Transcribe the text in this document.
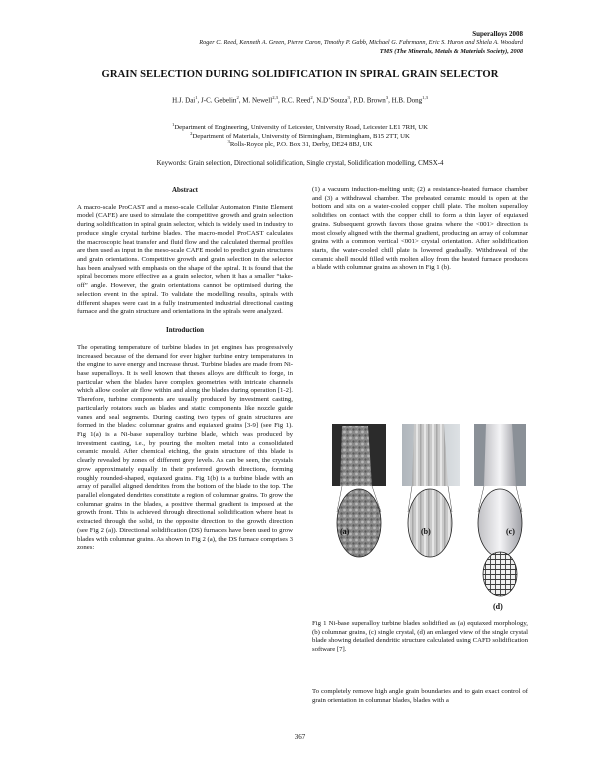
Superalloys 2008
Roger C. Reed, Kenneth A. Green, Pierre Caron, Timothy P. Gabb, Michael G. Fahrmann, Eric S. Huron and Shiela A. Woodard
TMS (The Minerals, Metals & Materials Society), 2008
GRAIN SELECTION DURING SOLIDIFICATION IN SPIRAL GRAIN SELECTOR
H.J. Dai$^1$, J-C. Gebelin$^2$, M. Newell$^{2,3}$, R.C. Reed$^2$, N.D’Souza$^3$, P.D. Brown$^3$, H.B. Dong$^{1,3}$
$^1$Department of Engineering, University of Leicester, University Road, Leicester LE1 7RH, UK
$^2$Department of Materials, University of Birmingham, Birmingham, B15 2TT, UK
$^3$Rolls-Royce plc, P.O. Box 31, Derby, DE24 8BJ, UK
Keywords: Grain selection, Directional solidification, Single crystal, Solidification modelling, CMSX-4
Abstract

A macro-scale ProCAST and a meso-scale Cellular Automaton Finite Element model (CAFE) are used to simulate the competitive growth and grain selection during solidification in spiral grain selector, which is widely used in industry to produce single crystal turbine blades. The macro-model ProCAST calculates the macroscopic heat transfer and fluid flow and the calculated thermal profiles are then used as input in the meso-scale CAFE model to predict grain structures and grain orientations. Competitive growth and grain selection in the selector has been analysed with emphasis on the shape of the spiral. It is found that the spiral becomes more effective as a grain selector, when it has a smaller “take-off” angle. However, the grain orientations cannot be optimised during the selection event in the spiral. To validate the modelling results, spirals with different shapes were cast in a fully instrumented industrial directional casting furnace and the grain structure and orientations in the spirals were analyzed.

Introduction

The operating temperature of turbine blades in jet engines has progressively increased because of the demand for ever higher turbine entry temperatures in the engine to save energy and increase thrust. Turbine blades are made from Ni-base superalloys. It is well known that theses alloys are difficult to forge, in particular when the blades have complex geometries with intricate channels which allow cooler air flow within and along the blades during operation [1-2]. Therefore, turbine components are usually produced by investment casting, particularly rotators such as blades and static components like nozzle guide vanes and seal segments. During casting two types of grain structures are formed in the blades: columnar grains and equiaxed grains [3-9] (see Fig 1). Fig 1(a) is a Ni-base superalloy turbine blade, which was produced by investment casting, i.e., by pouring the molten metal into a consolidated ceramic mould. After chemical etching, the grain structure of this blade is clearly revealed by zones of different grey levels. As can be seen, the crystals grow approximately equally in their preferred growth directions, forming roughly rounded-shaped, equiaxed grains. Fig 1(b) is a turbine blade with an array of parallel aligned dendrites from the bottom of the blade to the top. The parallel elongated dendrites constitute a region of columnar grains. To grow the columnar grains in the blades, a positive thermal gradient is imposed at the growth front. This is achieved through directional solidification where heat is extracted through the solid, in the opposite direction to the growth direction (see Fig 2 (a)). Directional solidification (DS) furnaces have been used to grow blades with columnar grains. As shown in Fig 2 (a), the DS furnace comprises 3 zones:

(1) a vacuum induction-melting unit; (2) a resistance-heated furnace chamber and (3) a withdrawal chamber. The preheated ceramic mould is open at the bottom and sits on a water-cooled copper chill plate. The molten superalloy solidifies on contact with the copper chill to form a thin layer of equiaxed grains. Subsequent growth favors those grains where the <001> direction is most closely aligned with the thermal gradient, producing an array of columnar grains with a common vertical <001> crystal orientation. After solidification starts, the water-cooled chill plate is lowered gradually. Withdrawal of the ceramic shell mould filled with molten alloy from the heated furnace produces a blade with columnar grains as shown in Fig 1 (b).

(a)	(b)	(c)
(d)
Fig 1 Ni-base superalloy turbine blades solidified as (a) equiaxed morphology, (b) columnar grains, (c) single crystal, (d) an enlarged view of the single crystal blade showing detailed dendritic structure calculated using CAFD solidification software [7].

To completely remove high angle grain boundaries and to gain exact control of grain orientation in columnar blades, blades with a

367
